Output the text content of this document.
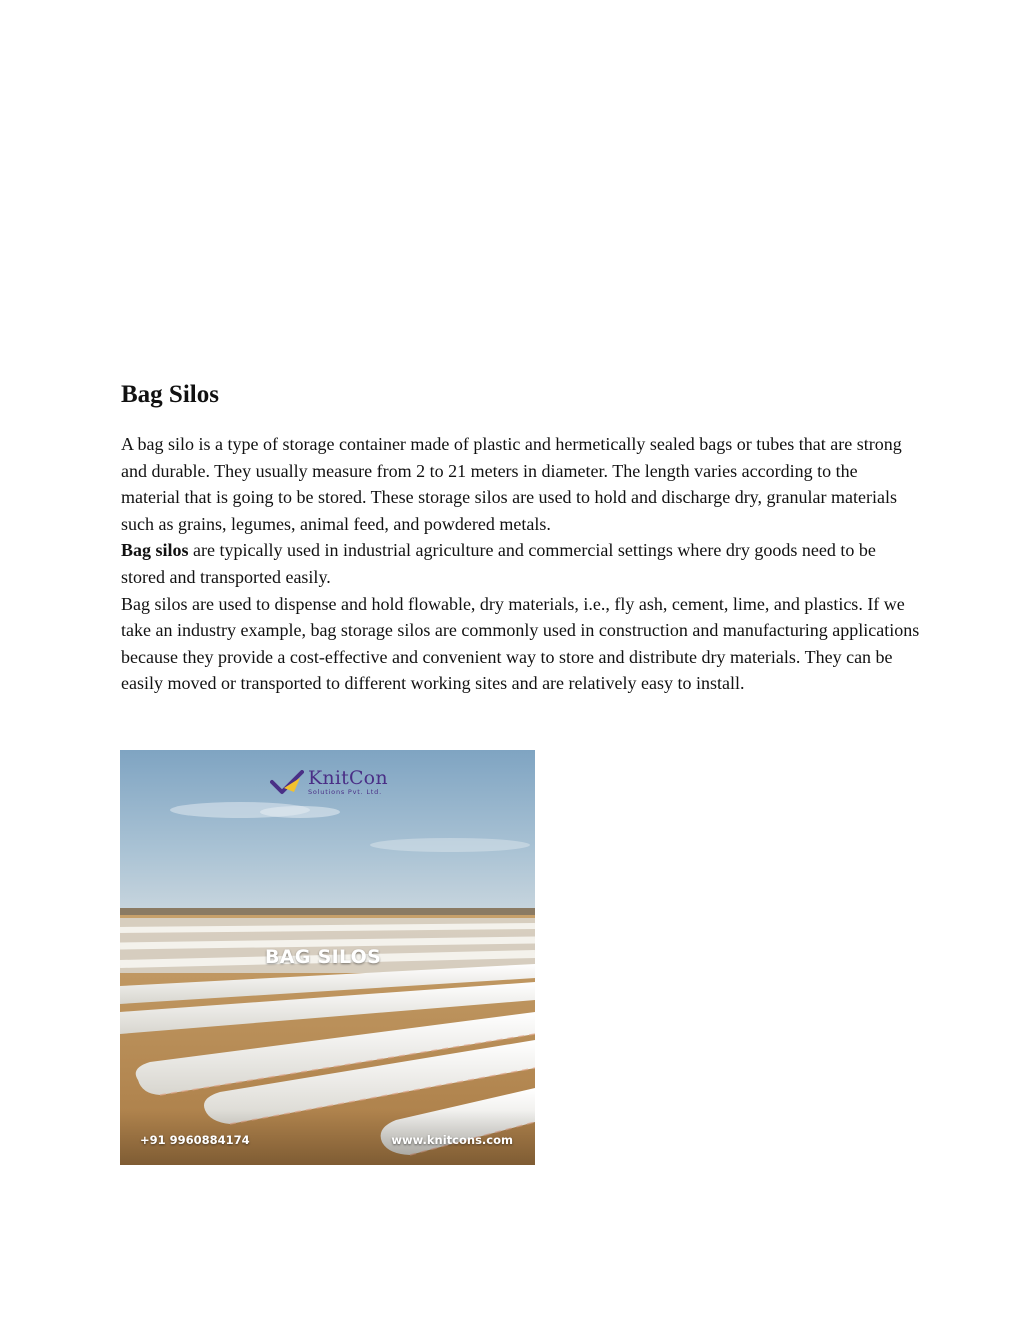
Bag Silos

A bag silo is a type of storage container made of plastic and hermetically sealed bags or tubes that are strong and durable. They usually measure from 2 to 21 meters in diameter. The length varies according to the material that is going to be stored. These storage silos are used to hold and discharge dry, granular materials such as grains, legumes, animal feed, and powdered metals.
Bag silos are typically used in industrial agriculture and commercial settings where dry goods need to be stored and transported easily.

Bag silos are used to dispense and hold flowable, dry materials, i.e., fly ash, cement, lime, and plastics. If we take an industry example, bag storage silos are commonly used in construction and manufacturing applications because they provide a cost-effective and convenient way to store and distribute dry materials. They can be easily moved or transported to different working sites and are relatively easy to install.

KnitCon
Solutions Pvt. Ltd.
BAG SILOS
+91 9960884174	www.knitcons.com
